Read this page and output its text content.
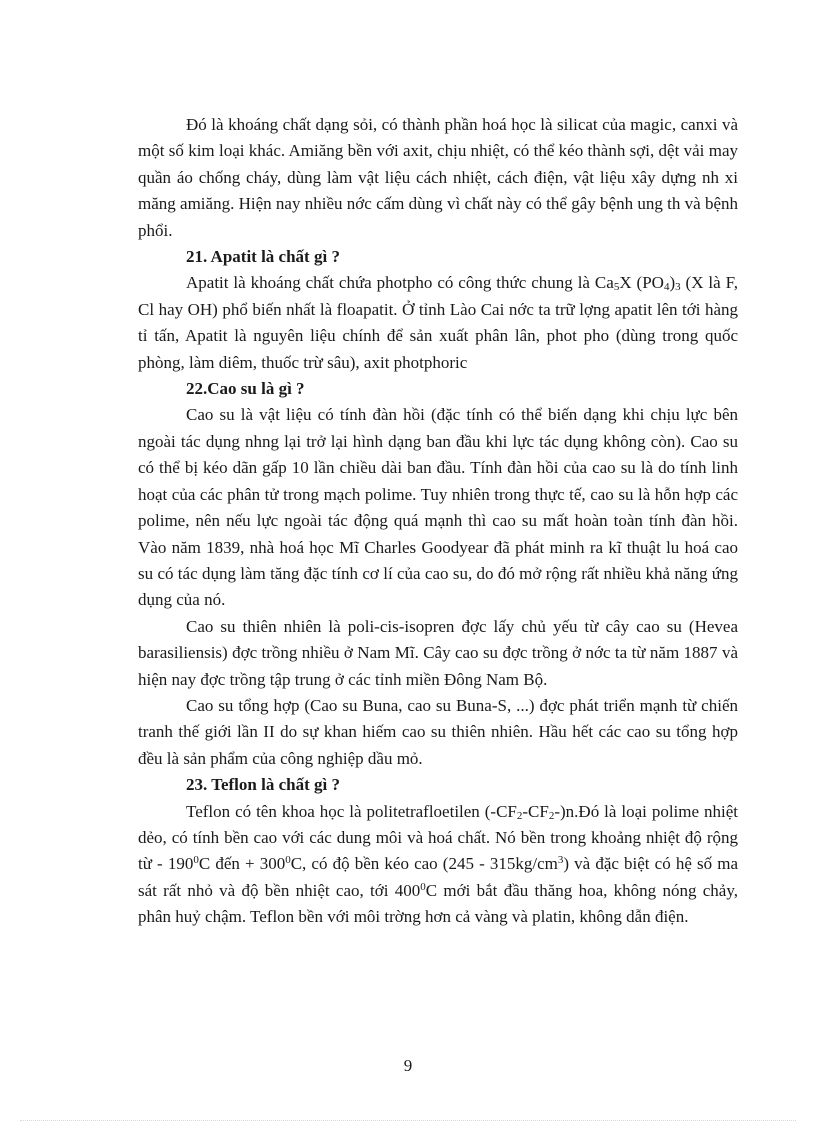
Đó là khoáng chất dạng sỏi, có thành phần hoá học là silicat của magic, canxi và một số kim loại khác. Amiăng bền với axit, chịu nhiệt, có thể kéo thành sợi, dệt vải may quần áo chống cháy, dùng làm vật liệu cách nhiệt, cách điện, vật liệu xây dựng nh xi măng amiăng. Hiện nay nhiều nớc cấm dùng vì chất này có thể gây bệnh ung th và bệnh phổi.

21. Apatit là chất gì ?

Apatit là khoáng chất chứa photpho có công thức chung là $Ca_5X$ $(PO_4)_3$ (X là F, Cl hay OH) phổ biến nhất là floapatit. Ở tỉnh Lào Cai nớc ta trữ lợng apatit lên tới hàng tỉ tấn, Apatit là nguyên liệu chính để sản xuất phân lân, phot pho (dùng trong quốc phòng, làm diêm, thuốc trừ sâu), axit photphoric

22.Cao su là gì ?

Cao su là vật liệu có tính đàn hồi (đặc tính có thể biến dạng khi chịu lực bên ngoài tác dụng nhng lại trở lại hình dạng ban đầu khi lực tác dụng không còn). Cao su có thể bị kéo dãn gấp 10 lần chiều dài ban đầu. Tính đàn hồi của cao su là do tính linh hoạt của các phân tử trong mạch polime. Tuy nhiên trong thực tế, cao su là hỗn hợp các polime, nên nếu lực ngoài tác động quá mạnh thì cao su mất hoàn toàn tính đàn hồi. Vào năm 1839, nhà hoá học Mĩ Charles Goodyear đã phát minh ra kĩ thuật lu hoá cao su có tác dụng làm tăng đặc tính cơ lí của cao su, do đó mở rộng rất nhiều khả năng ứng dụng của nó.

Cao su thiên nhiên là poli-cis-isopren đợc lấy chủ yếu từ cây cao su (Hevea barasiliensis) đợc trồng nhiều ở Nam Mĩ. Cây cao su đợc trồng ở nớc ta từ năm 1887 và hiện nay đợc trồng tập trung ở các tỉnh miền Đông Nam Bộ.

Cao su tổng hợp (Cao su Buna, cao su Buna-S, ...) đợc phát triển mạnh từ chiến tranh thế giới lần II do sự khan hiếm cao su thiên nhiên. Hầu hết các cao su tổng hợp đều là sản phẩm của công nghiệp dầu mỏ.

23. Teflon là chất gì ?

Teflon có tên khoa học là politetrafloetilen $(-CF_2-CF_2-)n.Đó$ là loại polime nhiệt dẻo, có tính bền cao với các dung môi và hoá chất. Nó bền trong khoảng nhiệt độ rộng từ - $190^0C$ đến + $300^0C$, có độ bền kéo cao $(245 - 315kg/cm^3)$ và đặc biệt có hệ số ma sát rất nhỏ và độ bền nhiệt cao, tới $400^0C$ mới bắt đầu thăng hoa, không nóng chảy, phân huỷ chậm. Teflon bền với môi trờng hơn cả vàng và platin, không dẫn điện.

9
